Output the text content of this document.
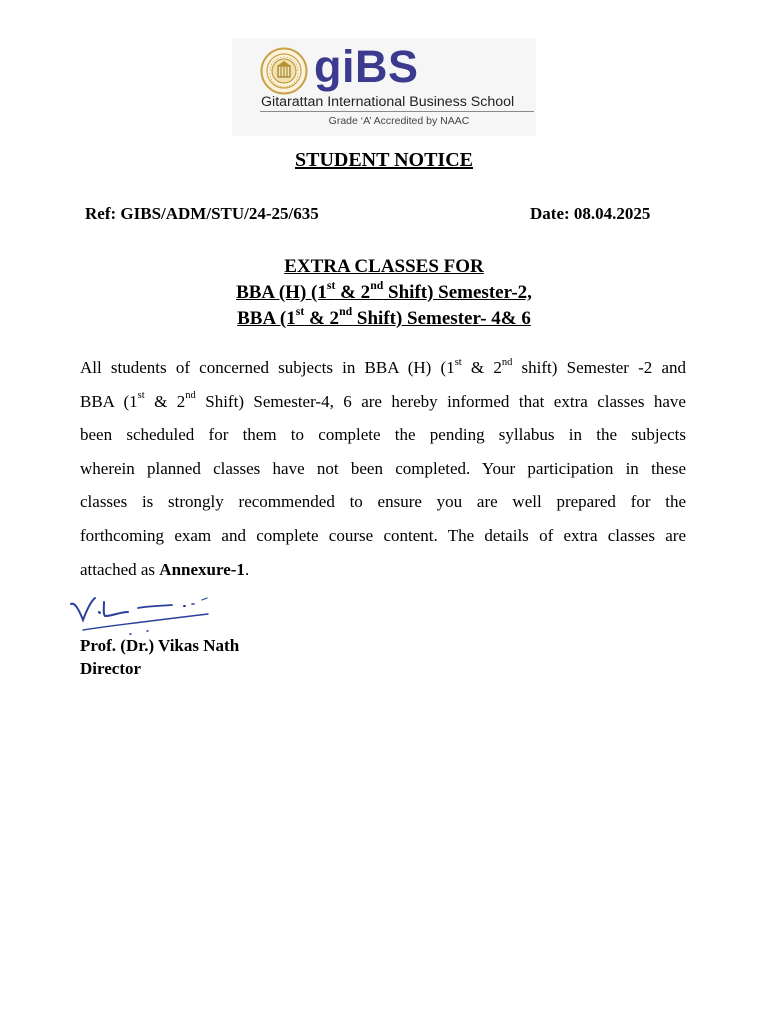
giBS
Gitarattan International Business School
Grade ‘A’ Accredited by NAAC
STUDENT NOTICE
Ref: GIBS/ADM/STU/24-25/635	Date: 08.04.2025
EXTRA CLASSES FOR
BBA (H) (1st & 2nd Shift) Semester-2,
BBA (1st & 2nd Shift) Semester- 4& 6
All students of concerned subjects in BBA (H) (1st & 2nd shift) Semester -2 and
BBA (1st & 2nd Shift) Semester-4, 6 are hereby informed that extra classes have
been scheduled for them to complete the pending syllabus in the subjects
wherein planned classes have not been completed. Your participation in these
classes is strongly recommended to ensure you are well prepared for the
forthcoming exam and complete course content. The details of extra classes are
attached as Annexure-1.
Prof. (Dr.) Vikas Nath
Director
